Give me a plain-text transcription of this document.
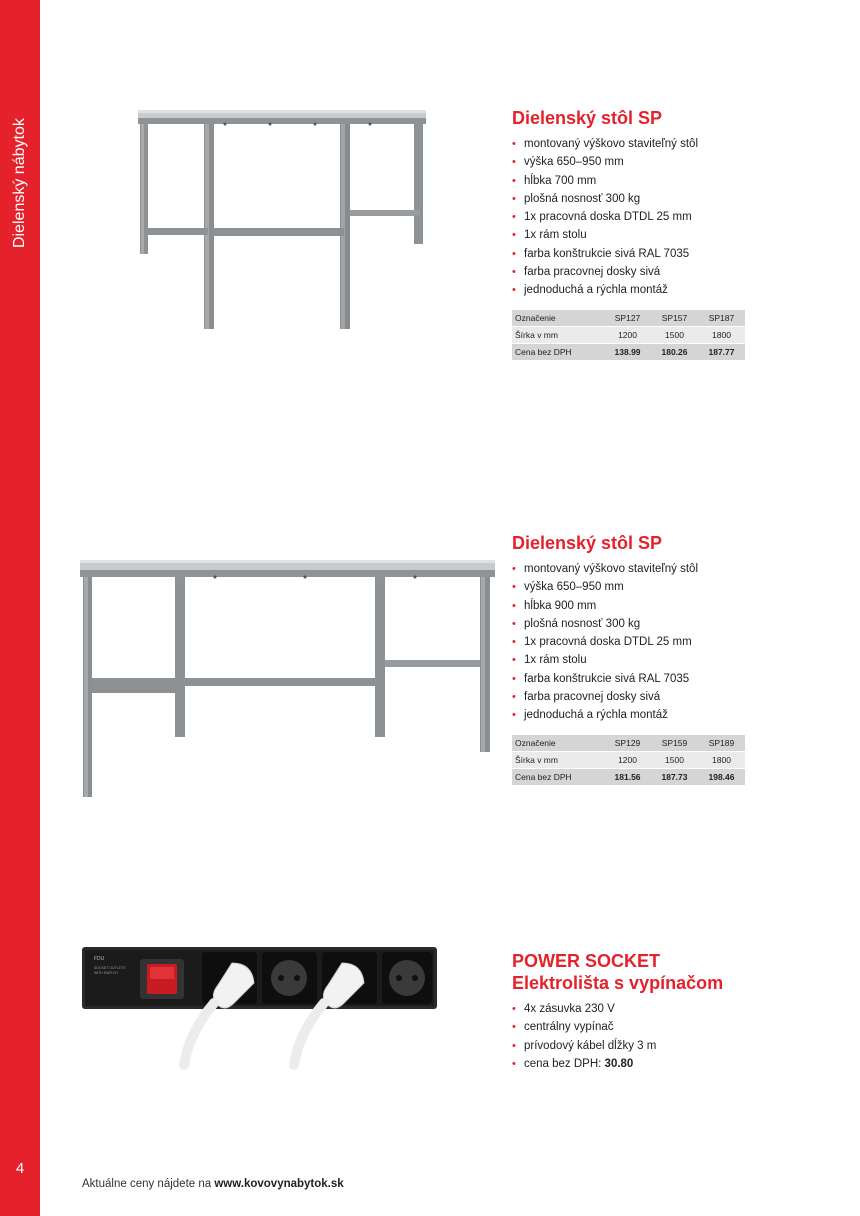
Dielenský nábytok
4
Dielenský stôl SP
• montovaný výškovo staviteľný stôl
• výška 650–950 mm
• hĺbka 700 mm
• plošná nosnosť 300 kg
• 1x pracovná doska DTDL 25 mm
• 1x rám stolu
• farba konštrukcie sivá RAL 7035
• farba pracovnej dosky sivá
• jednoduchá a rýchla montáž
Označenie	SP127	SP157	SP187
Šírka v mm	1200	1500	1800
Cena bez DPH	138.99	180.26	187.77
Dielenský stôl SP
• montovaný výškovo staviteľný stôl
• výška 650–950 mm
• hĺbka 900 mm
• plošná nosnosť 300 kg
• 1x pracovná doska DTDL 25 mm
• 1x rám stolu
• farba konštrukcie sivá RAL 7035
• farba pracovnej dosky sivá
• jednoduchá a rýchla montáž
Označenie	SP129	SP159	SP189
Šírka v mm	1200	1500	1800
Cena bez DPH	181.56	187.73	198.46
FDU
SOCKET OUTLETS
WITH SWITCH
POWER SOCKET
Elektrolišta s vypínačom
• 4x zásuvka 230 V
• centrálny vypínač
• prívodový kábel dĺžky 3 m
• cena bez DPH: 30.80
Aktuálne ceny nájdete na www.kovovynabytok.sk
